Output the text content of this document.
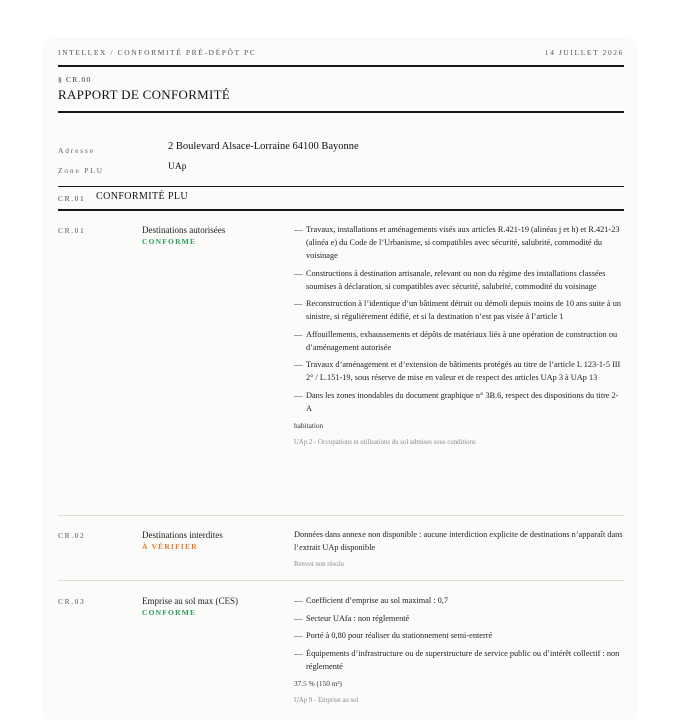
INTELLEX / CONFORMITÉ PRÉ-DÉPÔT PC	14 JUILLET 2026
§ CR.00
RAPPORT DE CONFORMITÉ
Adresse	2 Boulevard Alsace-Lorraine 64100 Bayonne
Zone PLU	UAp
CR.01 CONFORMITÉ PLU
CR.01	Destinations autorisées
CONFORME
— Travaux, installations et aménagements visés aux articles R.421-19 (alinéas j et h) et R.421-23 (alinéa e) du Code de l’Urbanisme, si compatibles avec sécurité, salubrité, commodité du voisinage
— Constructions à destination artisanale, relevant ou non du régime des installations classées soumises à déclaration, si compatibles avec sécurité, salubrité, commodité du voisinage
— Reconstruction à l’identique d’un bâtiment détruit ou démoli depuis moins de 10 ans suite à un sinistre, si régulièrement édifié, et si la destination n’est pas visée à l’article 1
— Affouillements, exhaussements et dépôts de matériaux liés à une opération de construction ou d’aménagement autorisée
— Travaux d’aménagement et d’extension de bâtiments protégés au titre de l’article L 123-1-5 III 2° / L.151-19, sous réserve de mise en valeur et de respect des articles UAp 3 à UAp 13
— Dans les zones inondables du document graphique n° 3B.6, respect des dispositions du titre 2-A
habitation
UAp 2 - Occupations et utilisations du sol admises sous conditions
CR.02	Destinations interdites
À VÉRIFIER
Données dans annexe non disponible : aucune interdiction explicite de destinations n’apparaît dans l’extrait UAp disponible
Renvoi non résolu
CR.03	Emprise au sol max (CES)
CONFORME
— Coefficient d’emprise au sol maximal : 0,7
— Secteur UAfa : non réglementé
— Porté à 0,80 pour réaliser du stationnement semi-enterré
— Équipements d’infrastructure ou de superstructure de service public ou d’intérêt collectif : non réglementé
37.5 % (150 m²)
UAp 9 - Emprise au sol
